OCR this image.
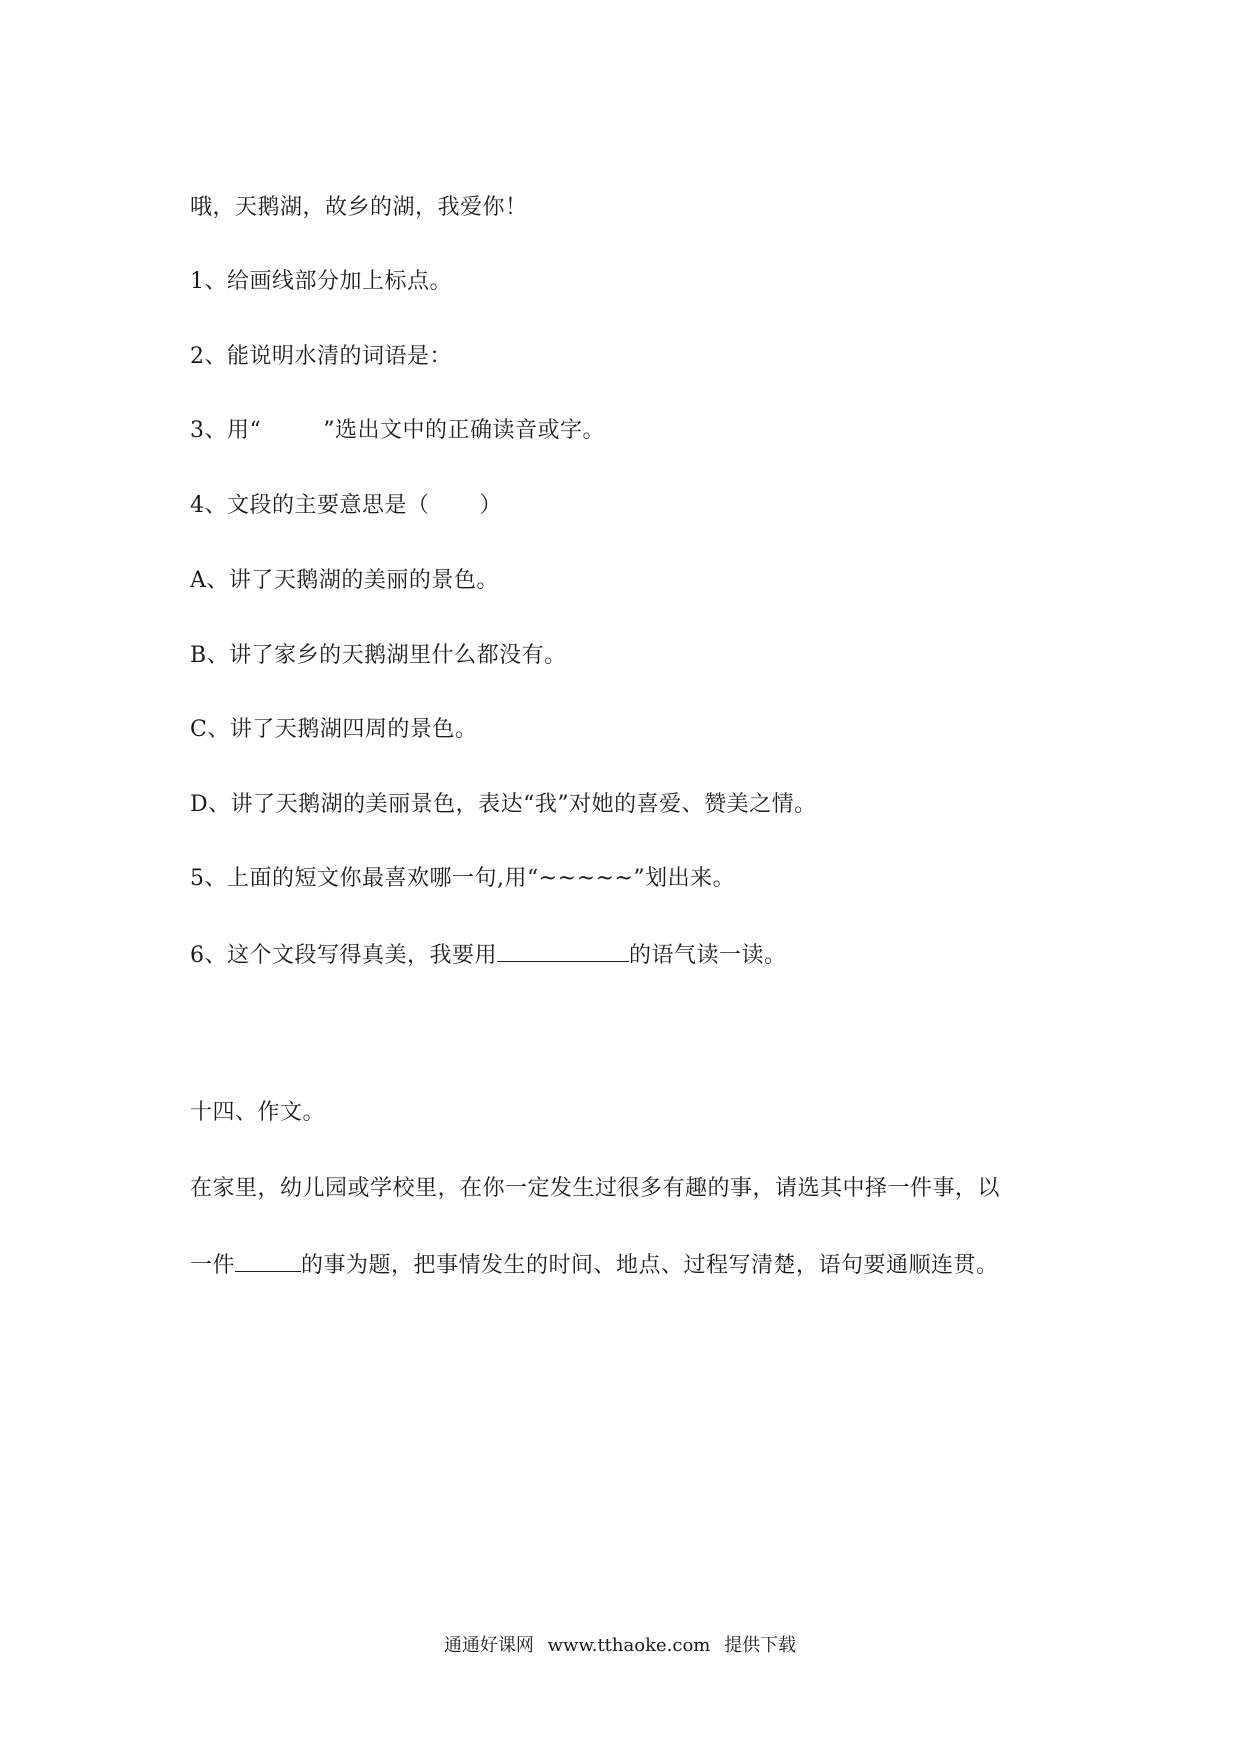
哦，天鹅湖，故乡的湖，我爱你！
1、给画线部分加上标点。
2、能说明水清的词语是：
3、用“	”选出文中的正确读音或字。
4、文段的主要意思是（ ）
A、讲了天鹅湖的美丽的景色。
B、讲了家乡的天鹅湖里什么都没有。
C、讲了天鹅湖四周的景色。
D、讲了天鹅湖的美丽景色，表达“我”对她的喜爱、赞美之情。
5、上面的短文你最喜欢哪一句,用“~~~~~”划出来。
6、这个文段写得真美，我要用	的语气读一读。
十四、作文。
在家里，幼儿园或学校里，在你一定发生过很多有趣的事，请选其中择一件事，以
一件	的事为题，把事情发生的时间、地点、过程写清楚，语句要通顺连贯。
通通好课网 www.tthaoke.com 提供下载
